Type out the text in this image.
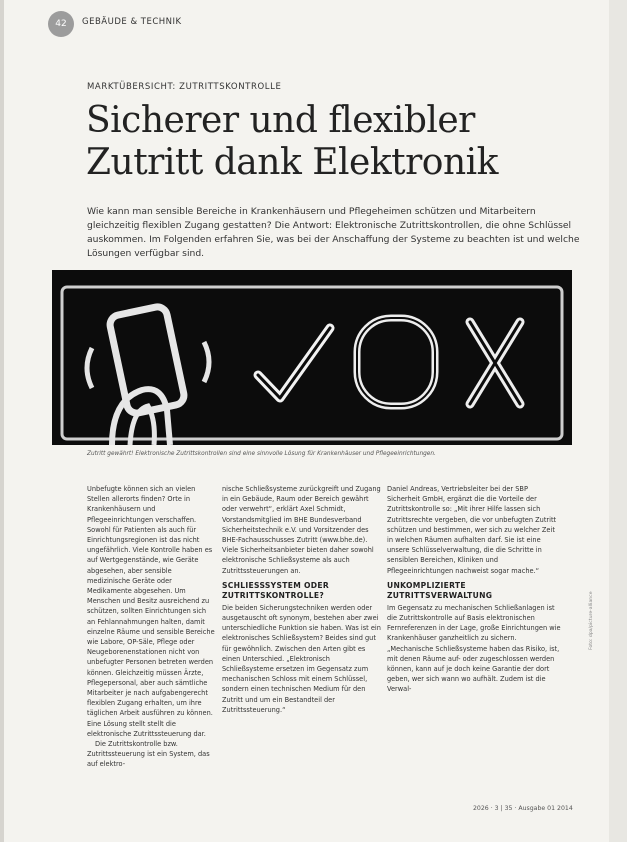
42	GEBÄUDE & TECHNIK
MARKTÜBERSICHT: ZUTRITTSKONTROLLE
Sicherer und flexibler
Zutritt dank Elektronik
Wie kann man sensible Bereiche in Krankenhäusern und Pflegeheimen schützen und Mitarbeitern gleichzeitig flexiblen Zugang gestatten? Die Antwort: Elektronische Zutrittskontrollen, die ohne Schlüssel auskommen. Im Folgenden erfahren Sie, was bei der Anschaffung der Systeme zu beachten ist und welche Lösungen verfügbar sind.
Zutritt gewährt! Elektronische Zutrittskontrollen sind eine sinnvolle Lösung für Krankenhäuser und Pflegeeinrichtungen.

Unbefugte können sich an vielen Stellen allerorts finden? Orte in Krankenhäusern und Pflegeeinrichtungen verschaffen. Sowohl für Patienten als auch für Einrichtungsregionen ist das nicht ungefährlich. Viele Kontrolle haben es auf Wertgegenstände, wie Geräte abgesehen, aber sensible medizinische Geräte oder Medikamente abgesehen. Um Menschen und Besitz ausreichend zu schützen, sollten Einrichtungen sich an Fehlannahmungen halten, damit einzelne Räume und sensible Bereiche wie Labore, OP-Säle, Pflege oder Neugeborenenstationen nicht von unbefugter Personen betreten werden können. Gleichzeitig müssen Ärzte, Pflegepersonal, aber auch sämtliche Mitarbeiter je nach aufgabengerecht flexiblen Zugang erhalten, um ihre täglichen Arbeit ausführen zu können. Eine Lösung stellt stellt die elektronische Zutrittssteuerung dar.

Die Zutrittskontrolle bzw. Zutrittssteuerung ist ein System, das auf elektro-

nische Schließsysteme zurückgreift und Zugang in ein Gebäude, Raum oder Bereich gewährt oder verwehrt“, erklärt Axel Schmidt, Vorstandsmitglied im BHE Bundesverband Sicherheitstechnik e.V. und Vorsitzender des BHE-Fachausschusses Zutritt (www.bhe.de). Viele Sicherheitsanbieter bieten daher sowohl elektronische Schließsysteme als auch Zutrittssteuerungen an.

SCHLIESSSYSTEM ODER ZUTRITTSKONTROLLE?

Die beiden Sicherungstechniken werden oder ausgetauscht oft synonym, bestehen aber zwei unterschiedliche Funktion sie haben. Was ist ein elektronisches Schließsystem? Beides sind gut für gewöhnlich. Zwischen den Arten gibt es einen Unterschied. „Elektronisch Schließsysteme ersetzen im Gegensatz zum mechanischen Schloss mit einem Schlüssel, sondern einen technischen Medium für den Zutritt und um ein Bestandteil der Zutrittssteuerung.“

Daniel Andreas, Vertriebsleiter bei der SBP Sicherheit GmbH, ergänzt die die Vorteile der Zutrittskontrolle so: „Mit ihrer Hilfe lassen sich Zutrittsrechte vergeben, die vor unbefugten Zutritt schützen und bestimmen, wer sich zu welcher Zeit in welchen Räumen aufhalten darf. Sie ist eine unsere Schlüsselverwaltung, die die Schritte in sensiblen Bereichen, Kliniken und Pflegeeinrichtungen nachweist sogar mache.“

UNKOMPLIZIERTE ZUTRITTSVERWALTUNG

Im Gegensatz zu mechanischen Schließanlagen ist die Zutrittskontrolle auf Basis elektronischen Fernreferenzen in der Lage, große Einrichtungen wie Krankenhäuser ganzheitlich zu sichern. „Mechanische Schließsysteme haben das Risiko, ist, mit denen Räume auf- oder zugeschlossen werden können, kann auf je doch keine Garantie der dort geben, wer sich wann wo aufhält. Zudem ist die Verwal-

Foto: dpa/picture-alliance
2026 · 3 | 35 · Ausgabe 01 2014
